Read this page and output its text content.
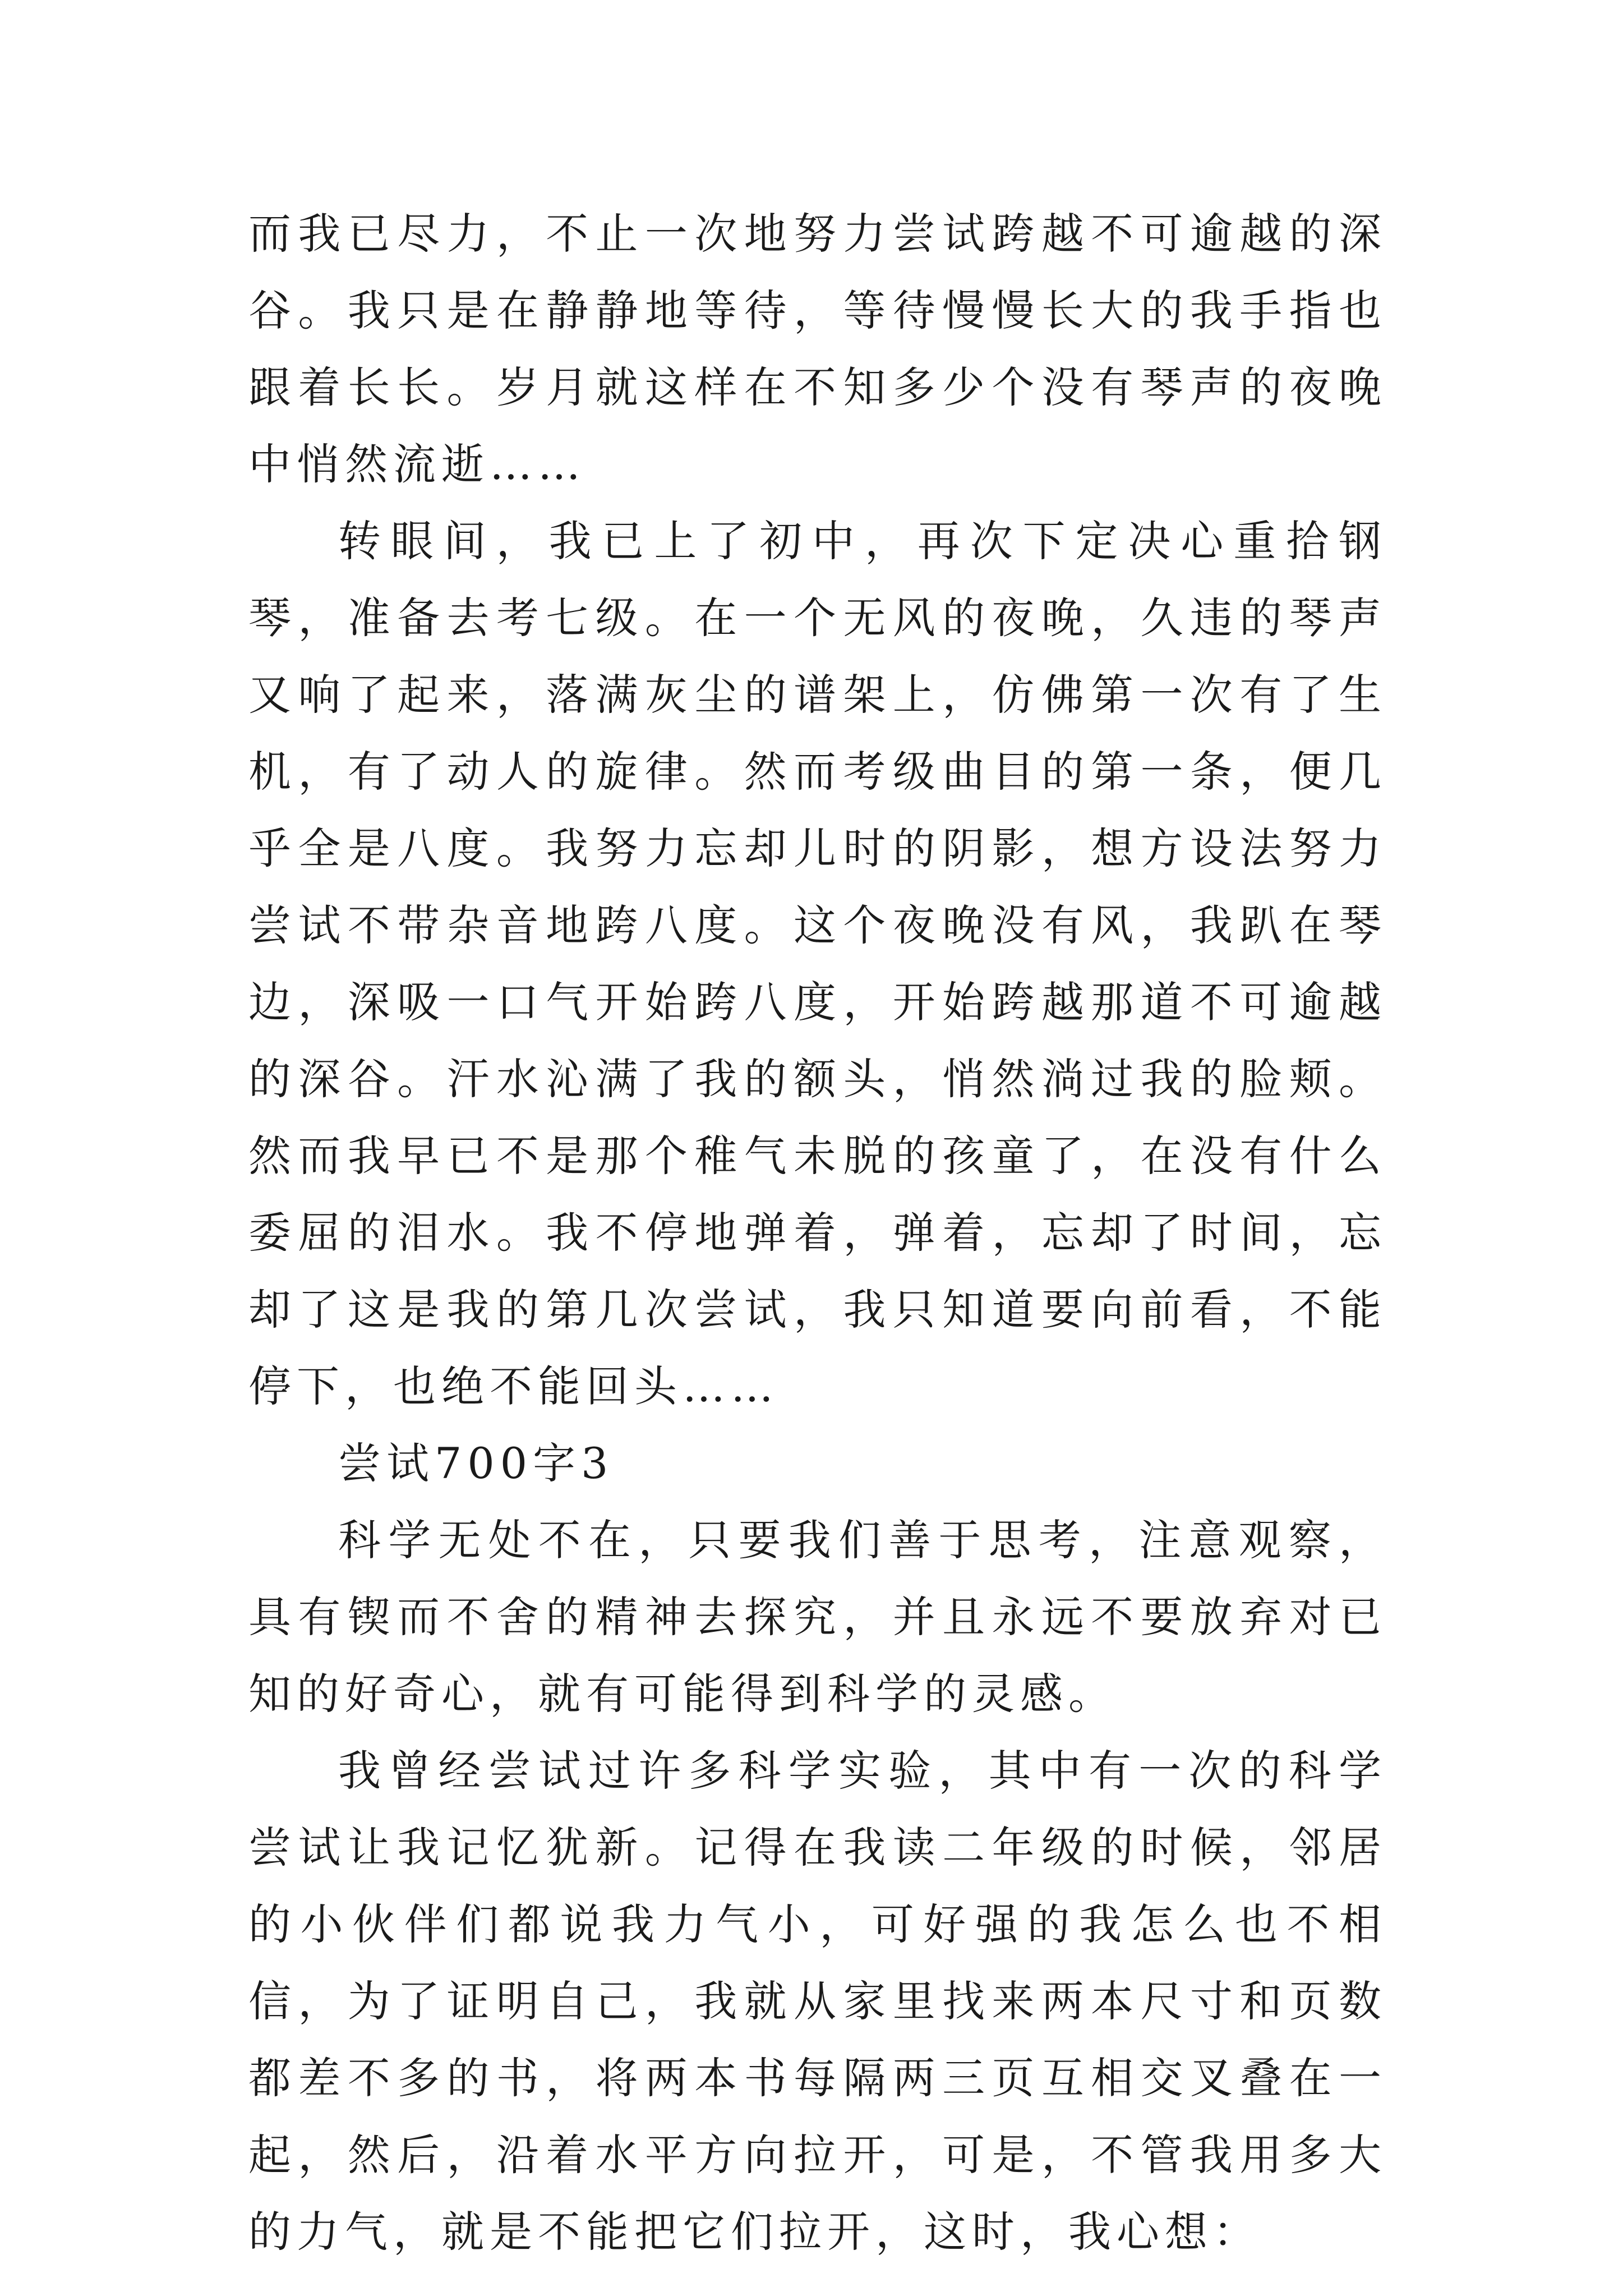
而我已尽力，不止一次地努力尝试跨越不可逾越的深谷。我只是在静静地等待，等待慢慢长大的我手指也跟着长长。岁月就这样在不知多少个没有琴声的夜晚中悄然流逝……

转眼间，我已上了初中，再次下定决心重拾钢琴，准备去考七级。在一个无风的夜晚，久违的琴声又响了起来，落满灰尘的谱架上，仿佛第一次有了生机，有了动人的旋律。然而考级曲目的第一条，便几乎全是八度。我努力忘却儿时的阴影，想方设法努力尝试不带杂音地跨八度。这个夜晚没有风，我趴在琴边，深吸一口气开始跨八度，开始跨越那道不可逾越的深谷。汗水沁满了我的额头，悄然淌过我的脸颊。然而我早已不是那个稚气未脱的孩童了，在没有什么委屈的泪水。我不停地弹着，弹着，忘却了时间，忘却了这是我的第几次尝试，我只知道要向前看，不能停下，也绝不能回头……

尝试700字3

科学无处不在，只要我们善于思考，注意观察，具有锲而不舍的精神去探究，并且永远不要放弃对已知的好奇心，就有可能得到科学的灵感。

我曾经尝试过许多科学实验，其中有一次的科学尝试让我记忆犹新。记得在我读二年级的时候，邻居的小伙伴们都说我力气小，可好强的我怎么也不相信，为了证明自己，我就从家里找来两本尺寸和页数都差不多的书，将两本书每隔两三页互相交叉叠在一起，然后，沿着水平方向拉开，可是，不管我用多大的力气，就是不能把它们拉开，这时，我心想：
